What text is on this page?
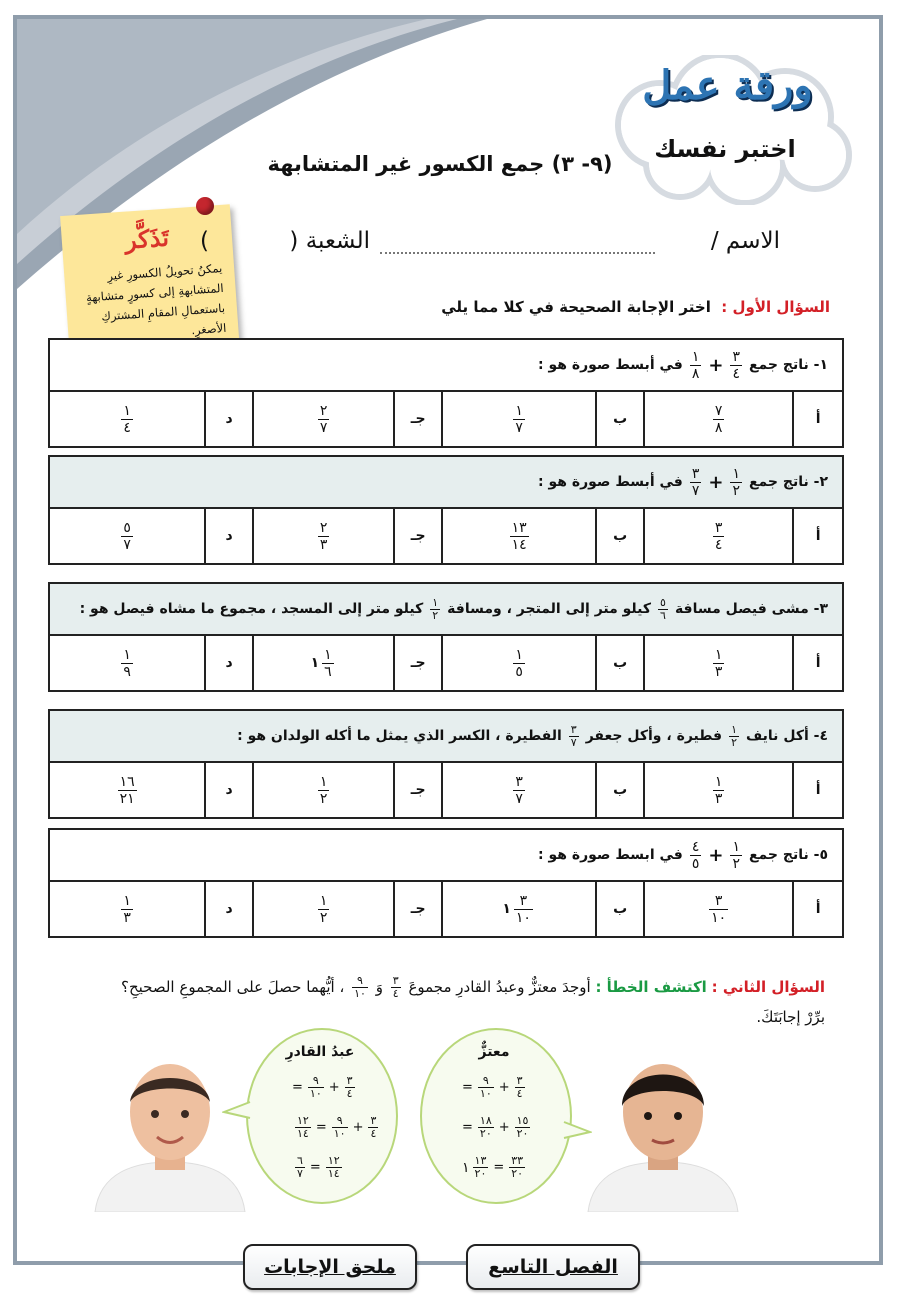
ورقة عمل
اختبر نفسك
(٩- ٣) جمع الكسور غير المتشابهة
تَذَكَّر
يمكنُ تحويلُ الكسورِ غيرِ المتشابهةِ إلى كسورٍ متشابهةٍ باستعمالِ المقامِ المشتركِ الأصغرِ.
الاسم /
الشعبة (           )
السؤال الأول :  اختر الإجابة الصحيحة في كلا مما يلي
١- ناتج جمع
$\frac{٣}{٤}$
+
$\frac{١}{٨}$
في أبسط صورة هو :
أ
$\frac{٧}{٨}$
ب
$\frac{١}{٧}$
جـ
$\frac{٢}{٧}$
د
$\frac{١}{٤}$
٢- ناتج جمع
$\frac{١}{٢}$
+
$\frac{٣}{٧}$
في أبسط صورة هو :
أ
$\frac{٣}{٤}$
ب
$\frac{١٣}{١٤}$
جـ
$\frac{٢}{٣}$
د
$\frac{٥}{٧}$
٣- مشى فيصل مسافة
$\frac{٥}{٦}$
كيلو متر إلى المتجر ، ومسافة
$\frac{١}{٢}$
كيلو متر إلى المسجد ، مجموع ما مشاه فيصل هو :
أ
$\frac{١}{٣}$
ب
$\frac{١}{٥}$
جـ
١ $\frac{١}{٦}$
د
$\frac{١}{٩}$
٤- أكل نايف
$\frac{١}{٢}$
فطيرة ، وأكل جعفر
$\frac{٣}{٧}$
الفطيرة ، الكسر الذي يمثل ما أكله الولدان هو :
أ
$\frac{١}{٣}$
ب
$\frac{٣}{٧}$
جـ
$\frac{١}{٢}$
د
$\frac{١٦}{٢١}$
٥- ناتج جمع
$\frac{١}{٢}$
+
$\frac{٤}{٥}$
في ابسط صورة هو :
أ
$\frac{٣}{١٠}$
ب
١ $\frac{٣}{١٠}$
جـ
$\frac{١}{٢}$
د
$\frac{١}{٣}$
السؤال الثاني : اكتشف الخطأ : أوجدَ معتزٌّ وعبدُ القادرِ مجموعَ
$\frac{٣}{٤}$
وَ
$\frac{٩}{١٠}$
، أيُّهما حصلَ على المجموعِ الصحيحِ؟
برِّرْ إجابَتَكَ.
عبدُ القادرِ	معتزٌّ
$\frac{٣}{٤}$
+
$\frac{٩}{١٠}$
=
$\frac{٣}{٤}$
+
$\frac{٩}{١٠}$
=
$\frac{١٢}{١٤}$
$\frac{١٢}{١٤}$
=
$\frac{٦}{٧}$
$\frac{٣}{٤}$
+
$\frac{٩}{١٠}$
=
$\frac{١٥}{٢٠}$
+
$\frac{١٨}{٢٠}$
=
$\frac{٣٣}{٢٠}$
=
١ $\frac{١٣}{٢٠}$
ملحق الإجابات	الفصل التاسع
